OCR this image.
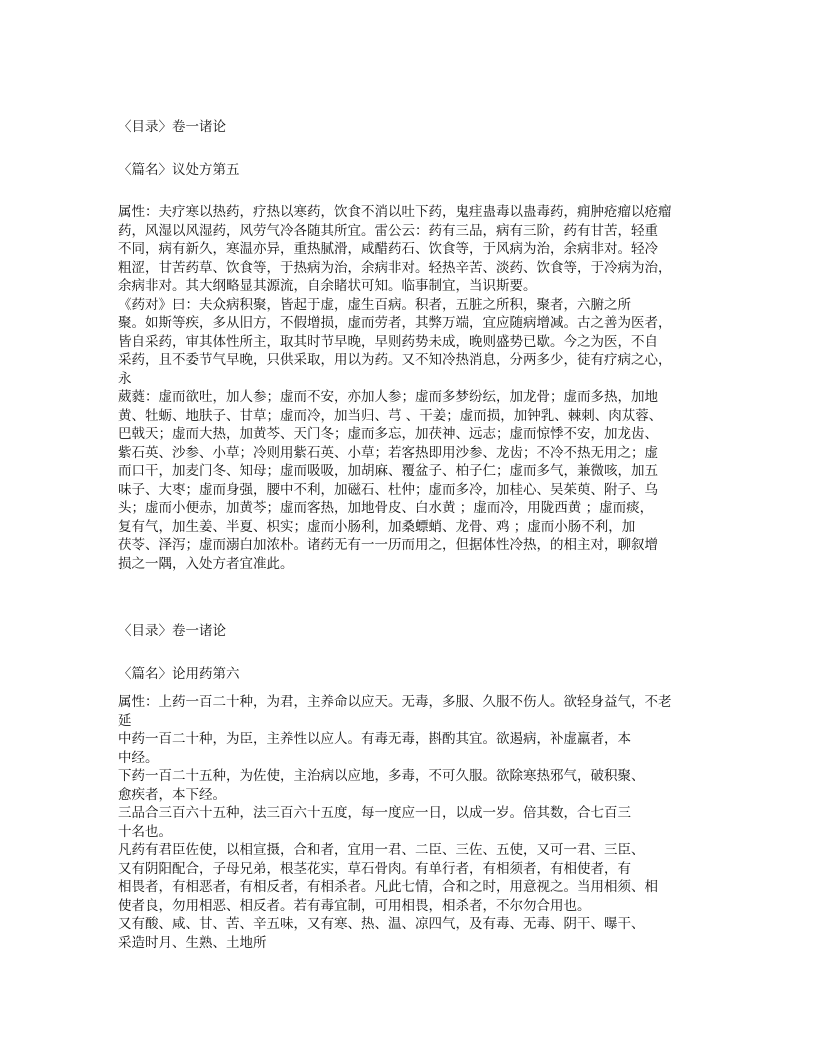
〈目录〉卷一诸论
〈篇名〉议处方第五
属性：夫疗寒以热药，疗热以寒药，饮食不消以吐下药，鬼疰蛊毒以蛊毒药，痈肿疮瘤以疮瘤
药，风湿以风湿药，风劳气冷各随其所宜。雷公云：药有三品，病有三阶，药有甘苦，轻重
不同，病有新久，寒温亦异，重热腻滑，咸醋药石、饮食等，于风病为治，余病非对。轻冷
粗涩，甘苦药草、饮食等，于热病为治，余病非对。轻热辛苦、淡药、饮食等，于冷病为治，
余病非对。其大纲略显其源流，自余睹状可知。临事制宜，当识斯要。
《药对》曰：夫众病积聚，皆起于虚，虚生百病。积者，五脏之所积，聚者，六腑之所
聚。如斯等疾，多从旧方，不假增损，虚而劳者，其弊万端，宜应随病增减。古之善为医者，
皆自采药，审其体性所主，取其时节早晚，早则药势未成，晚则盛势已歇。今之为医，不自
采药，且不委节气早晚，只供采取，用以为药。又不知冷热消息，分两多少，徒有疗病之心，
永
葳蕤：虚而欲吐，加人参；虚而不安，亦加人参；虚而多梦纷纭，加龙骨；虚而多热，加地
黄、牡蛎、地肤子、甘草；虚而冷，加当归、芎 、干姜；虚而损，加钟乳、棘刺、肉苁蓉、
巴戟天；虚而大热，加黄芩、天门冬；虚而多忘，加茯神、远志；虚而惊悸不安，加龙齿、
紫石英、沙参、小草；冷则用紫石英、小草；若客热即用沙参、龙齿；不冷不热无用之；虚
而口干，加麦门冬、知母；虚而吸吸，加胡麻、覆盆子、柏子仁；虚而多气，兼微咳，加五
味子、大枣；虚而身强，腰中不利，加磁石、杜仲；虚而多冷，加桂心、吴茱萸、附子、乌
头；虚而小便赤，加黄芩；虚而客热，加地骨皮、白水黄 ；虚而冷，用陇西黄 ；虚而痰，
复有气，加生姜、半夏、枳实；虚而小肠利，加桑螵蛸、龙骨、鸡 ；虚而小肠不利，加
茯苓、泽泻；虚而溺白加浓朴。诸药无有一一历而用之，但据体性冷热，的相主对，聊叙增
损之一隅，入处方者宜准此。
〈目录〉卷一诸论
〈篇名〉论用药第六
属性：上药一百二十种，为君，主养命以应天。无毒，多服、久服不伤人。欲轻身益气，不老
延
中药一百二十种，为臣，主养性以应人。有毒无毒，斟酌其宜。欲遏病，补虚羸者，本
中经。
下药一百二十五种，为佐使，主治病以应地，多毒，不可久服。欲除寒热邪气，破积聚、
愈疾者，本下经。
三品合三百六十五种，法三百六十五度，每一度应一日，以成一岁。倍其数，合七百三
十名也。
凡药有君臣佐使，以相宣摄，合和者，宜用一君、二臣、三佐、五使，又可一君、三臣、
又有阴阳配合，子母兄弟，根茎花实，草石骨肉。有单行者，有相须者，有相使者，有
相畏者，有相恶者，有相反者，有相杀者。凡此七情，合和之时，用意视之。当用相须、相
使者良，勿用相恶、相反者。若有毒宜制，可用相畏，相杀者，不尔勿合用也。
又有酸、咸、甘、苦、辛五味，又有寒、热、温、凉四气，及有毒、无毒、阴干、曝干、
采造时月、生熟、土地所
